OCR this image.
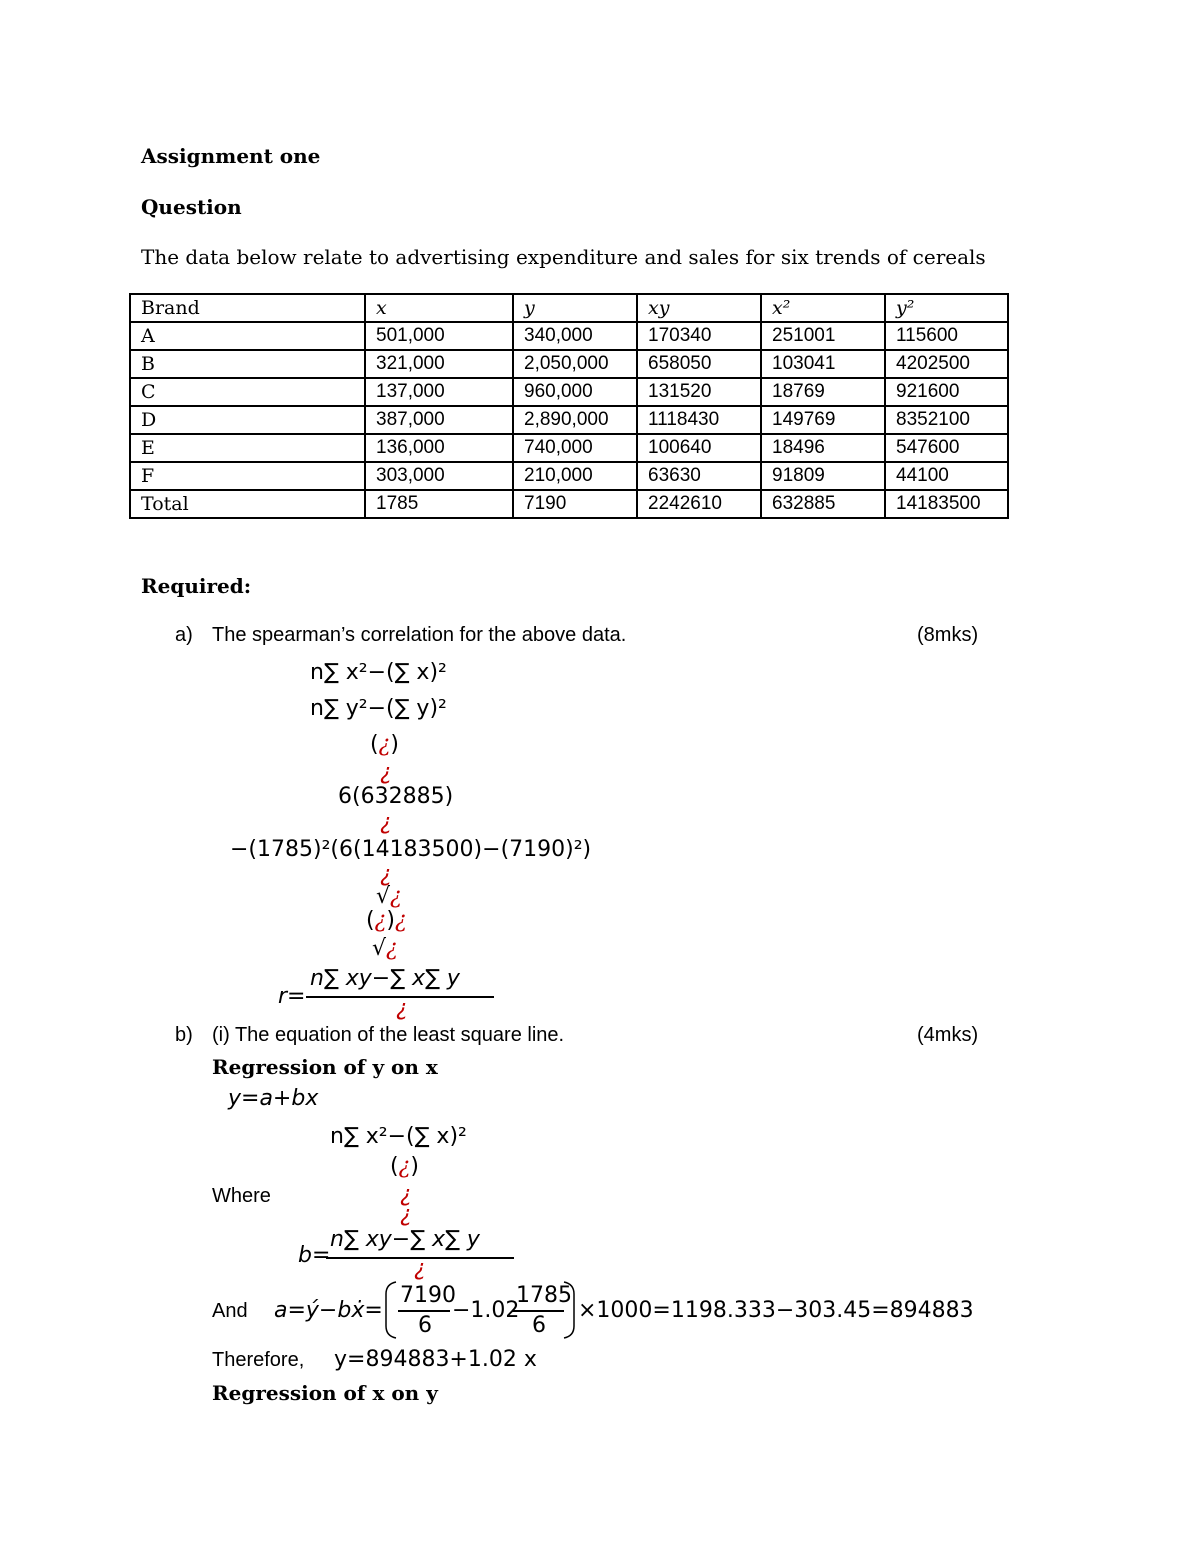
Assignment one
Question
The data below relate to advertising expenditure and sales for six trends of cereals
Brand	x	y	xy	x²	y²
A	501,000	340,000	170340	251001	115600
B	321,000	2,050,000	658050	103041	4202500
C	137,000	960,000	131520	18769	921600
D	387,000	2,890,000	1118430	149769	8352100
E	136,000	740,000	100640	18496	547600
F	303,000	210,000	63630	91809	44100
Total	1785	7190	2242610	632885	14183500
Required:
a) The spearman’s correlation for the above data.	(8mks)
n∑ x²−(∑ x)²
n∑ y²−(∑ y)²
(¿)
¿
6(632885)
¿
−(1785)²(6(14183500)−(7190)²)
¿
√¿
(¿)¿
√¿
r=
n∑ xy−∑ x∑ y
¿
b) (i) The equation of the least square line.	(4mks)
Regression of y on x
y=a+bx
n∑ x²−(∑ x)²
(¿)
Where	¿
¿
b=
n∑ xy−∑ x∑ y
¿
And a=ý−bẋ=
7190
6
−1.02
1785
6
×1000=1198.333−303.45=894883
Therefore, y=894883+1.02 x
Regression of x on y
